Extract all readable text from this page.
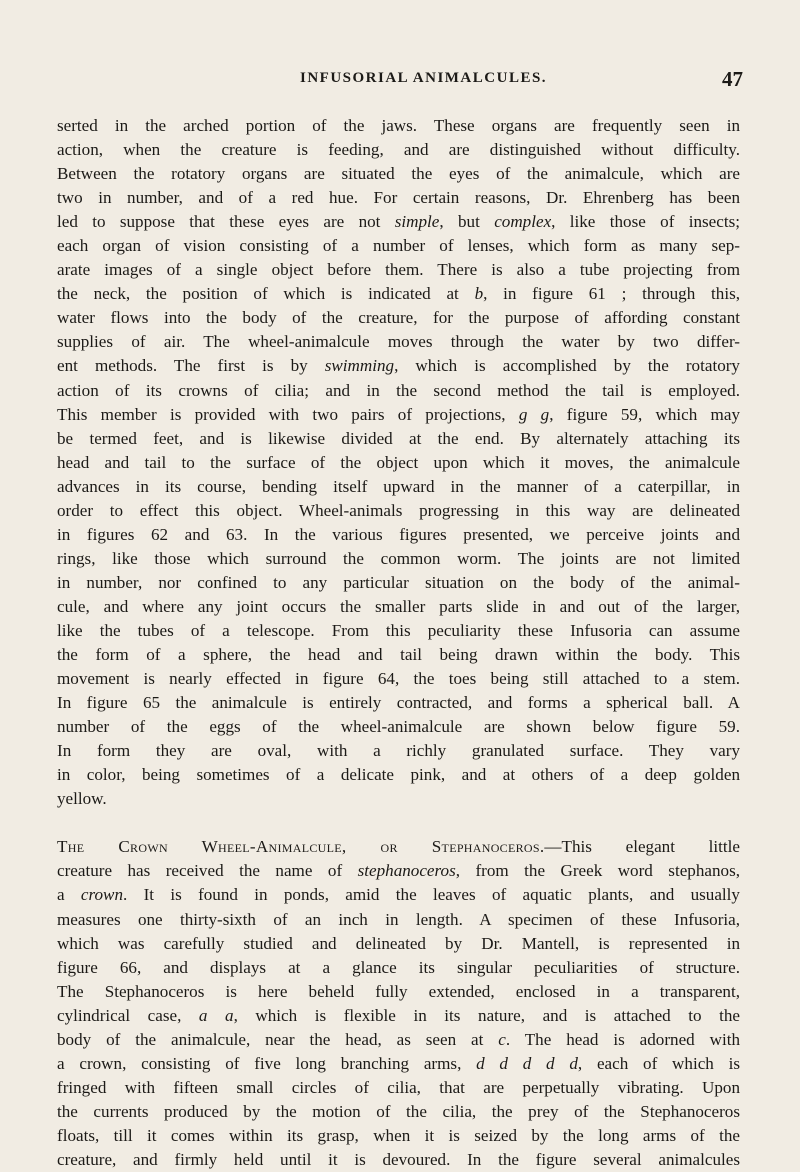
INFUSORIAL ANIMALCULES.	47
serted in the arched portion of the jaws. These organs are frequently seen in
action, when the creature is feeding, and are distinguished without difficulty.
Between the rotatory organs are situated the eyes of the animalcule, which are
two in number, and of a red hue. For certain reasons, Dr. Ehrenberg has been
led to suppose that these eyes are not simple, but complex, like those of insects;
each organ of vision consisting of a number of lenses, which form as many sep-
arate images of a single object before them. There is also a tube projecting from
the neck, the position of which is indicated at b, in figure 61 ; through this,
water flows into the body of the creature, for the purpose of affording constant
supplies of air. The wheel-animalcule moves through the water by two differ-
ent methods. The first is by swimming, which is accomplished by the rotatory
action of its crowns of cilia; and in the second method the tail is employed.
This member is provided with two pairs of projections, g g, figure 59, which may
be termed feet, and is likewise divided at the end. By alternately attaching its
head and tail to the surface of the object upon which it moves, the animalcule
advances in its course, bending itself upward in the manner of a caterpillar, in
order to effect this object. Wheel-animals progressing in this way are delineated
in figures 62 and 63. In the various figures presented, we perceive joints and
rings, like those which surround the common worm. The joints are not limited
in number, nor confined to any particular situation on the body of the animal-
cule, and where any joint occurs the smaller parts slide in and out of the larger,
like the tubes of a telescope. From this peculiarity these Infusoria can assume
the form of a sphere, the head and tail being drawn within the body. This
movement is nearly effected in figure 64, the toes being still attached to a stem.
In figure 65 the animalcule is entirely contracted, and forms a spherical ball. A
number of the eggs of the wheel-animalcule are shown below figure 59.
In form they are oval, with a richly granulated surface. They vary
in color, being sometimes of a delicate pink, and at others of a deep golden
yellow.
The Crown Wheel-Animalcule, or Stephanoceros.—This elegant little
creature has received the name of stephanoceros, from the Greek word stephanos,
a crown. It is found in ponds, amid the leaves of aquatic plants, and usually
measures one thirty-sixth of an inch in length. A specimen of these Infusoria,
which was carefully studied and delineated by Dr. Mantell, is represented in
figure 66, and displays at a glance its singular peculiarities of structure.
The Stephanoceros is here beheld fully extended, enclosed in a transparent,
cylindrical case, a a, which is flexible in its nature, and is attached to the
body of the animalcule, near the head, as seen at c. The head is adorned with
a crown, consisting of five long branching arms, d d d d d, each of which is
fringed with fifteen small circles of cilia, that are perpetually vibrating. Upon
the currents produced by the motion of the cilia, the prey of the Stephanoceros
floats, till it comes within its grasp, when it is seized by the long arms of the
creature, and firmly held until it is devoured. In the figure several animalcules
